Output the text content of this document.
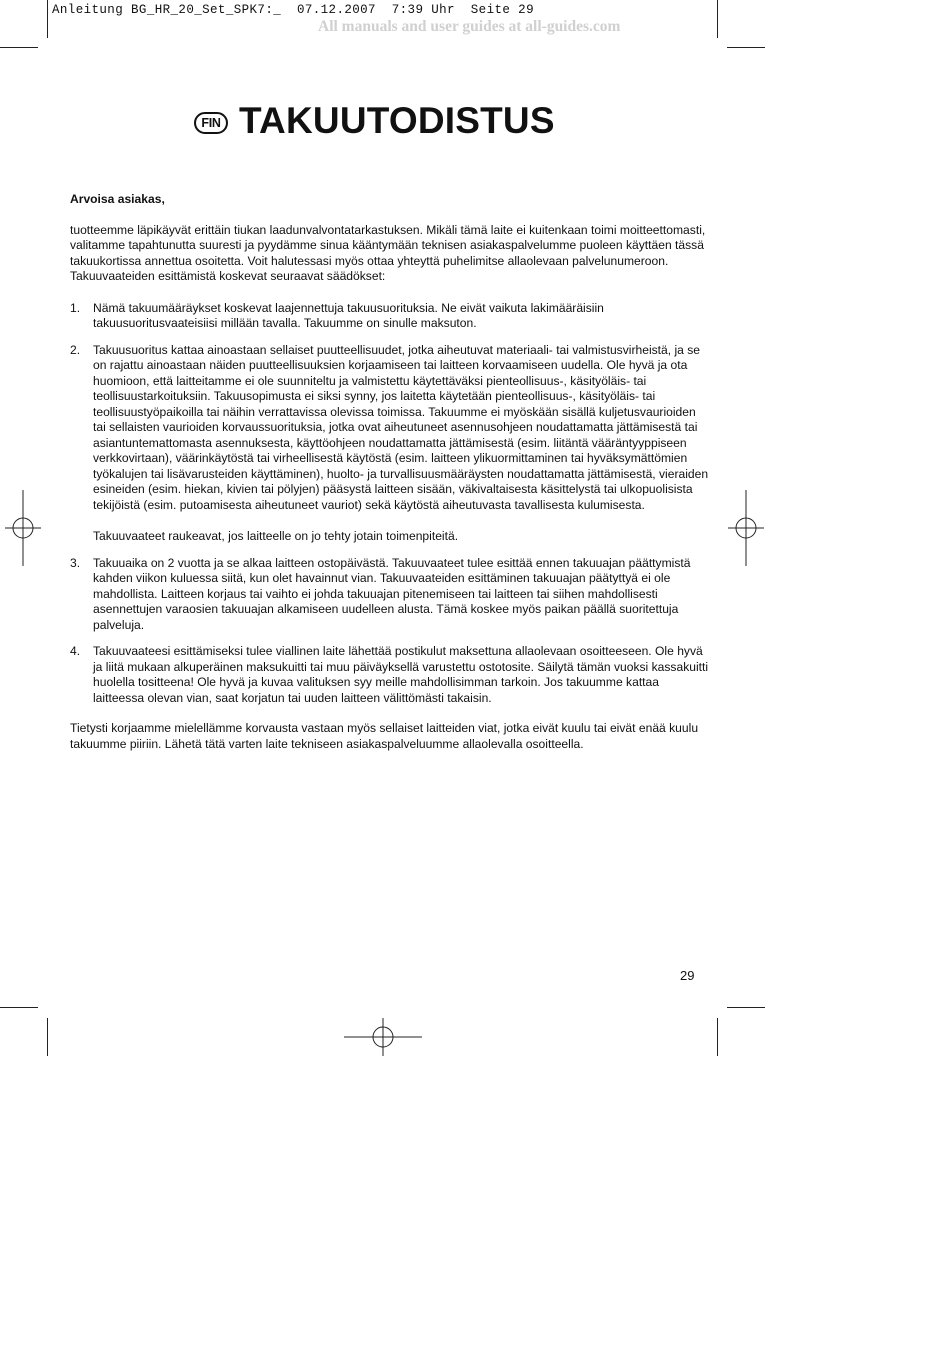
Anleitung BG_HR_20_Set_SPK7:_  07.12.2007  7:39 Uhr  Seite 29
All manuals and user guides at all-guides.com
FIN TAKUUTODISTUS

Arvoisa asiakas,

tuotteemme läpikäyvät erittäin tiukan laadunvalvontatarkastuksen. Mikäli tämä laite ei kuitenkaan toimi moitteettomasti, valitamme tapahtunutta suuresti ja pyydämme sinua kääntymään teknisen asiakaspalvelumme puoleen käyttäen tässä takuukortissa annettua osoitetta. Voit halutessasi myös ottaa yhteyttä puhelimitse allaolevaan palvelunumeroon. Takuuvaateiden esittämistä koskevat seuraavat säädökset:

1.	Nämä takuumääräykset koskevat laajennettuja takuusuorituksia. Ne eivät vaikuta lakimääräisiin takuusuoritusvaateisiisi millään tavalla. Takuumme on sinulle maksuton.
2.	Takuusuoritus kattaa ainoastaan sellaiset puutteellisuudet, jotka aiheutuvat materiaali- tai valmistusvirheistä, ja se on rajattu ainoastaan näiden puutteellisuuksien korjaamiseen tai laitteen korvaamiseen uudella. Ole hyvä ja ota huomioon, että laitteitamme ei ole suunniteltu ja valmistettu käytettäväksi pienteollisuus-, käsityöläis- tai teollisuustarkoituksiin. Takuusopimusta ei siksi synny, jos laitetta käytetään pienteollisuus-, käsityöläis- tai teollisuustyöpaikoilla tai näihin verrattavissa olevissa toimissa. Takuumme ei myöskään sisällä kuljetusvaurioiden tai sellaisten vaurioiden korvaussuorituksia, jotka ovat aiheutuneet asennusohjeen noudattamatta jättämisestä tai asiantuntemattomasta asennuksesta, käyttöohjeen noudattamatta jättämisestä (esim. liitäntä vääräntyyppiseen verkkovirtaan), väärinkäytöstä tai virheellisestä käytöstä (esim. laitteen ylikuormittaminen tai hyväksymättömien työkalujen tai lisävarusteiden käyttäminen), huolto- ja turvallisuusmääräysten noudattamatta jättämisestä, vieraiden esineiden (esim. hiekan, kivien tai pölyjen) pääsystä laitteen sisään, väkivaltaisesta käsittelystä tai ulkopuolisista tekijöistä (esim. putoamisesta aiheutuneet vauriot) sekä käytöstä aiheutuvasta tavallisesta kulumisesta.
Takuuvaateet raukeavat, jos laitteelle on jo tehty jotain toimenpiteitä.
3.	Takuuaika on 2 vuotta ja se alkaa laitteen ostopäivästä. Takuuvaateet tulee esittää ennen takuuajan päättymistä kahden viikon kuluessa siitä, kun olet havainnut vian. Takuuvaateiden esittäminen takuuajan päätyttyä ei ole mahdollista. Laitteen korjaus tai vaihto ei johda takuuajan pitenemiseen tai laitteen tai siihen mahdollisesti asennettujen varaosien takuuajan alkamiseen uudelleen alusta. Tämä koskee myös paikan päällä suoritettuja palveluja.
4.	Takuuvaateesi esittämiseksi tulee viallinen laite lähettää postikulut maksettuna allaolevaan osoitteeseen. Ole hyvä ja liitä mukaan alkuperäinen maksukuitti tai muu päiväyksellä varustettu ostotosite. Säilytä tämän vuoksi kassakuitti huolella tositteena! Ole hyvä ja kuvaa valituksen syy meille mahdollisimman tarkoin. Jos takuumme kattaa laitteessa olevan vian, saat korjatun tai uuden laitteen välittömästi takaisin.

Tietysti korjaamme mielellämme korvausta vastaan myös sellaiset laitteiden viat, jotka eivät kuulu tai eivät enää kuulu takuumme piiriin. Lähetä tätä varten laite tekniseen asiakaspalveluumme allaolevalla osoitteella.

29
